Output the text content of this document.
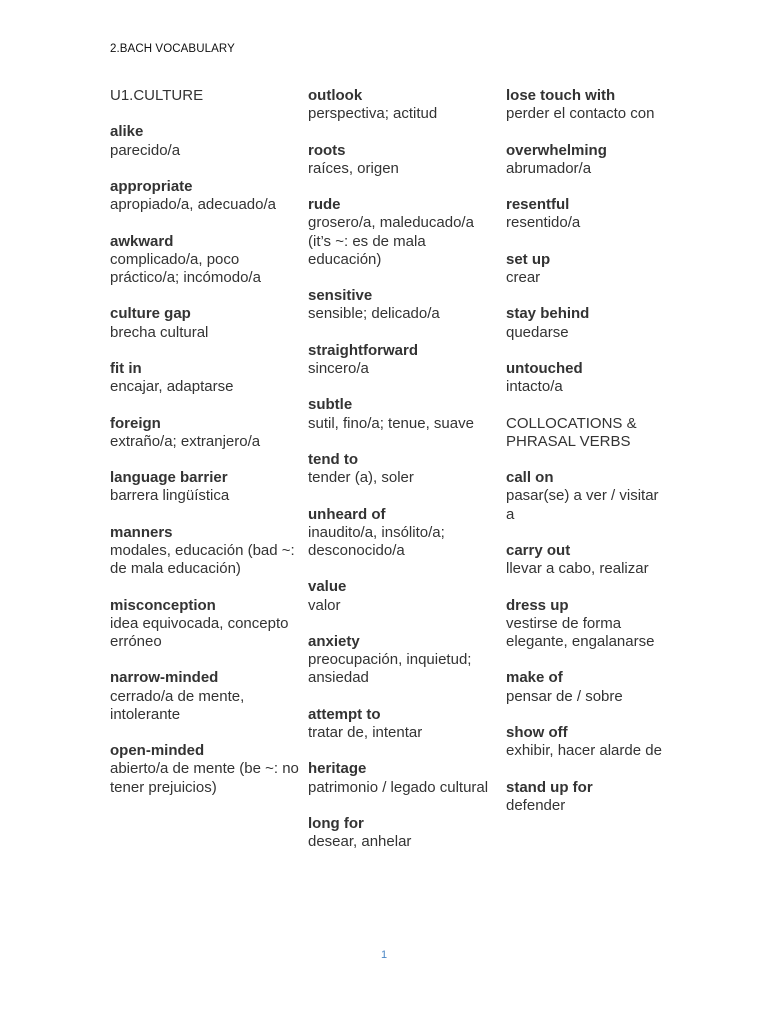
2.BACH VOCABULARY
U1.CULTURE
alike
parecido/a
appropriate
apropiado/a, adecuado/a
awkward
complicado/a, poco práctico/a; incómodo/a
culture gap
brecha cultural
fit in
encajar, adaptarse
foreign
extraño/a; extranjero/a
language barrier
barrera lingüística
manners
modales, educación (bad ~: de mala educación)
misconception
idea equivocada, concepto erróneo
narrow-minded
cerrado/a de mente, intolerante
open-minded
abierto/a de mente (be ~: no tener prejuicios)
outlook
perspectiva; actitud
roots
raíces, origen
rude
grosero/a, maleducado/a (it’s ~: es de mala educación)
sensitive
sensible; delicado/a
straightforward
sincero/a
subtle
sutil, fino/a; tenue, suave
tend to
tender (a), soler
unheard of
inaudito/a, insólito/a; desconocido/a
value
valor
anxiety
preocupación, inquietud; ansiedad
attempt to
tratar de, intentar
heritage
patrimonio / legado cultural
long for
desear, anhelar
lose touch with
perder el contacto con
overwhelming
abrumador/a
resentful
resentido/a
set up
crear
stay behind
quedarse
untouched
intacto/a
COLLOCATIONS & PHRASAL VERBS
call on
pasar(se) a ver / visitar a
carry out
llevar a cabo, realizar
dress up
vestirse de forma elegante, engalanarse
make of
pensar de / sobre
show off
exhibir, hacer alarde de
stand up for
defender
1
